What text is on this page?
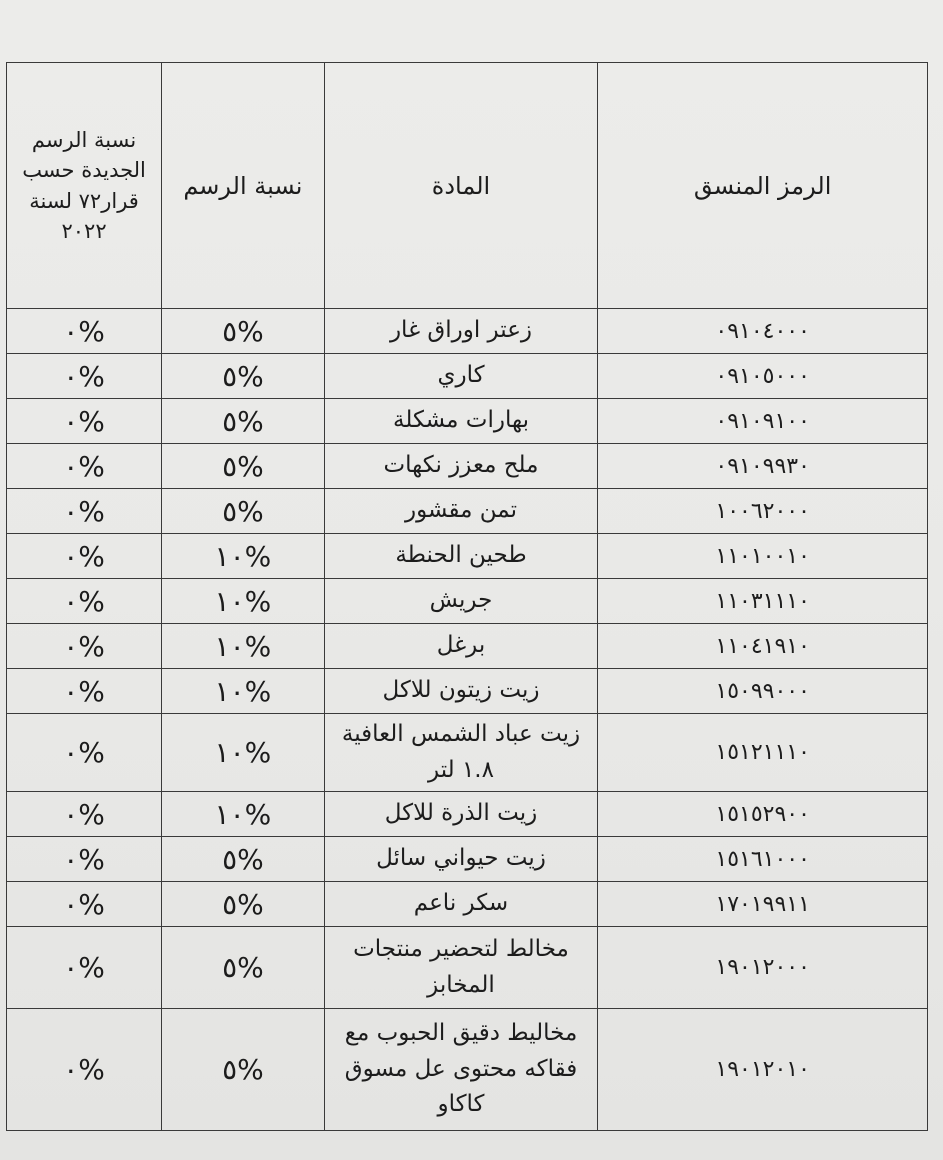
الرمز المنسق	المادة	نسبة الرسم	نسبة الرسم الجديدة حسب قرار٧٢ لسنة ٢٠٢٢
٠٩١٠٤٠٠٠	زعتر اوراق غار	%٥	%٠
٠٩١٠٥٠٠٠	كاري	%٥	%٠
٠٩١٠٩١٠٠	بهارات مشكلة	%٥	%٠
٠٩١٠٩٩٣٠	ملح معزز نكهات	%٥	%٠
١٠٠٦٢٠٠٠	تمن مقشور	%٥	%٠
١١٠١٠٠١٠	طحين الحنطة	%١٠	%٠
١١٠٣١١١٠	جريش	%١٠	%٠
١١٠٤١٩١٠	برغل	%١٠	%٠
١٥٠٩٩٠٠٠	زيت زيتون للاكل	%١٠	%٠
١٥١٢١١١٠	زيت عباد الشمس العافية ١.٨ لتر	%١٠	%٠
١٥١٥٢٩٠٠	زيت الذرة للاكل	%١٠	%٠
١٥١٦١٠٠٠	زيت حيواني سائل	%٥	%٠
١٧٠١٩٩١١	سكر ناعم	%٥	%٠
١٩٠١٢٠٠٠	مخالط لتحضير منتجات المخابز	%٥	%٠
١٩٠١٢٠١٠	مخاليط دقيق الحبوب مع فقاكه محتوى عل مسوق كاكاو	%٥	%٠
